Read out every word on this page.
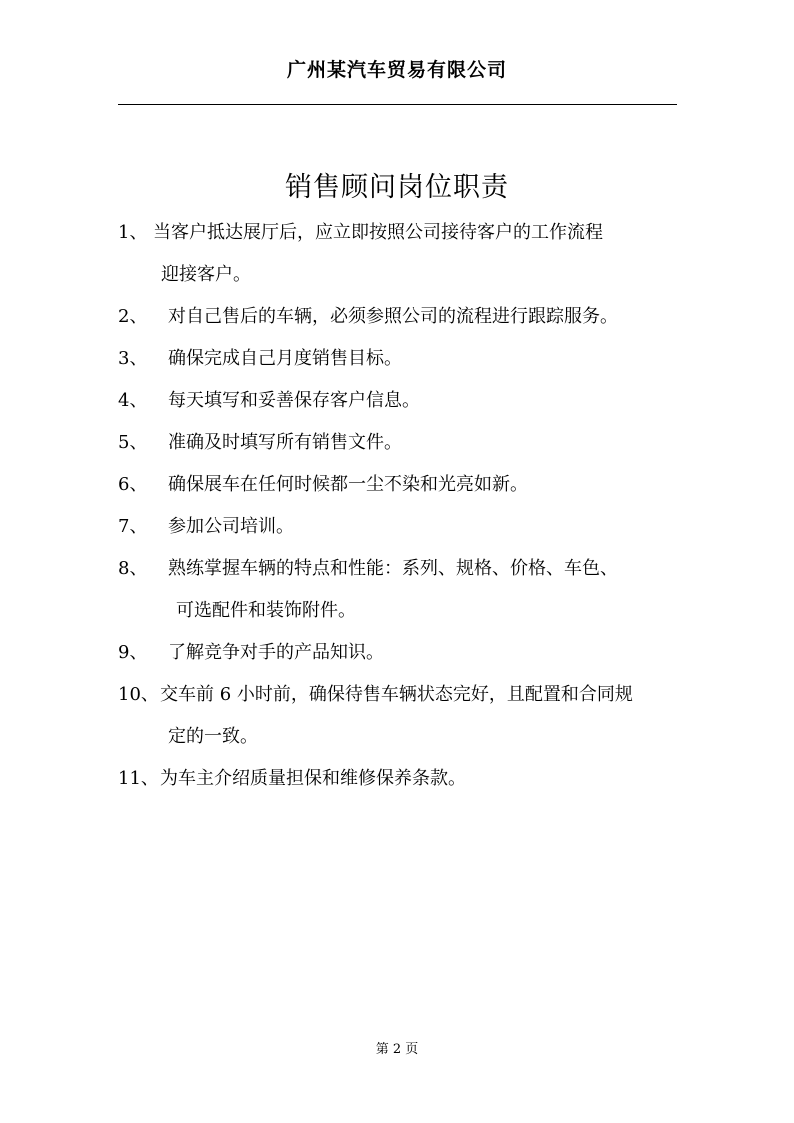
广州某汽车贸易有限公司
销售顾问岗位职责
1、 当客户抵达展厅后，应立即按照公司接待客户的工作流程
迎接客户。
2、	对自己售后的车辆，必须参照公司的流程进行跟踪服务。
3、	确保完成自己月度销售目标。
4、	每天填写和妥善保存客户信息。
5、	准确及时填写所有销售文件。
6、	确保展车在任何时候都一尘不染和光亮如新。
7、	参加公司培训。
8、	熟练掌握车辆的特点和性能：系列、规格、价格、车色、
可选配件和装饰附件。
9、	了解竞争对手的产品知识。
10、 交车前 6 小时前，确保待售车辆状态完好，且配置和合同规
定的一致。
11、 为车主介绍质量担保和维修保养条款。
第 2 页
